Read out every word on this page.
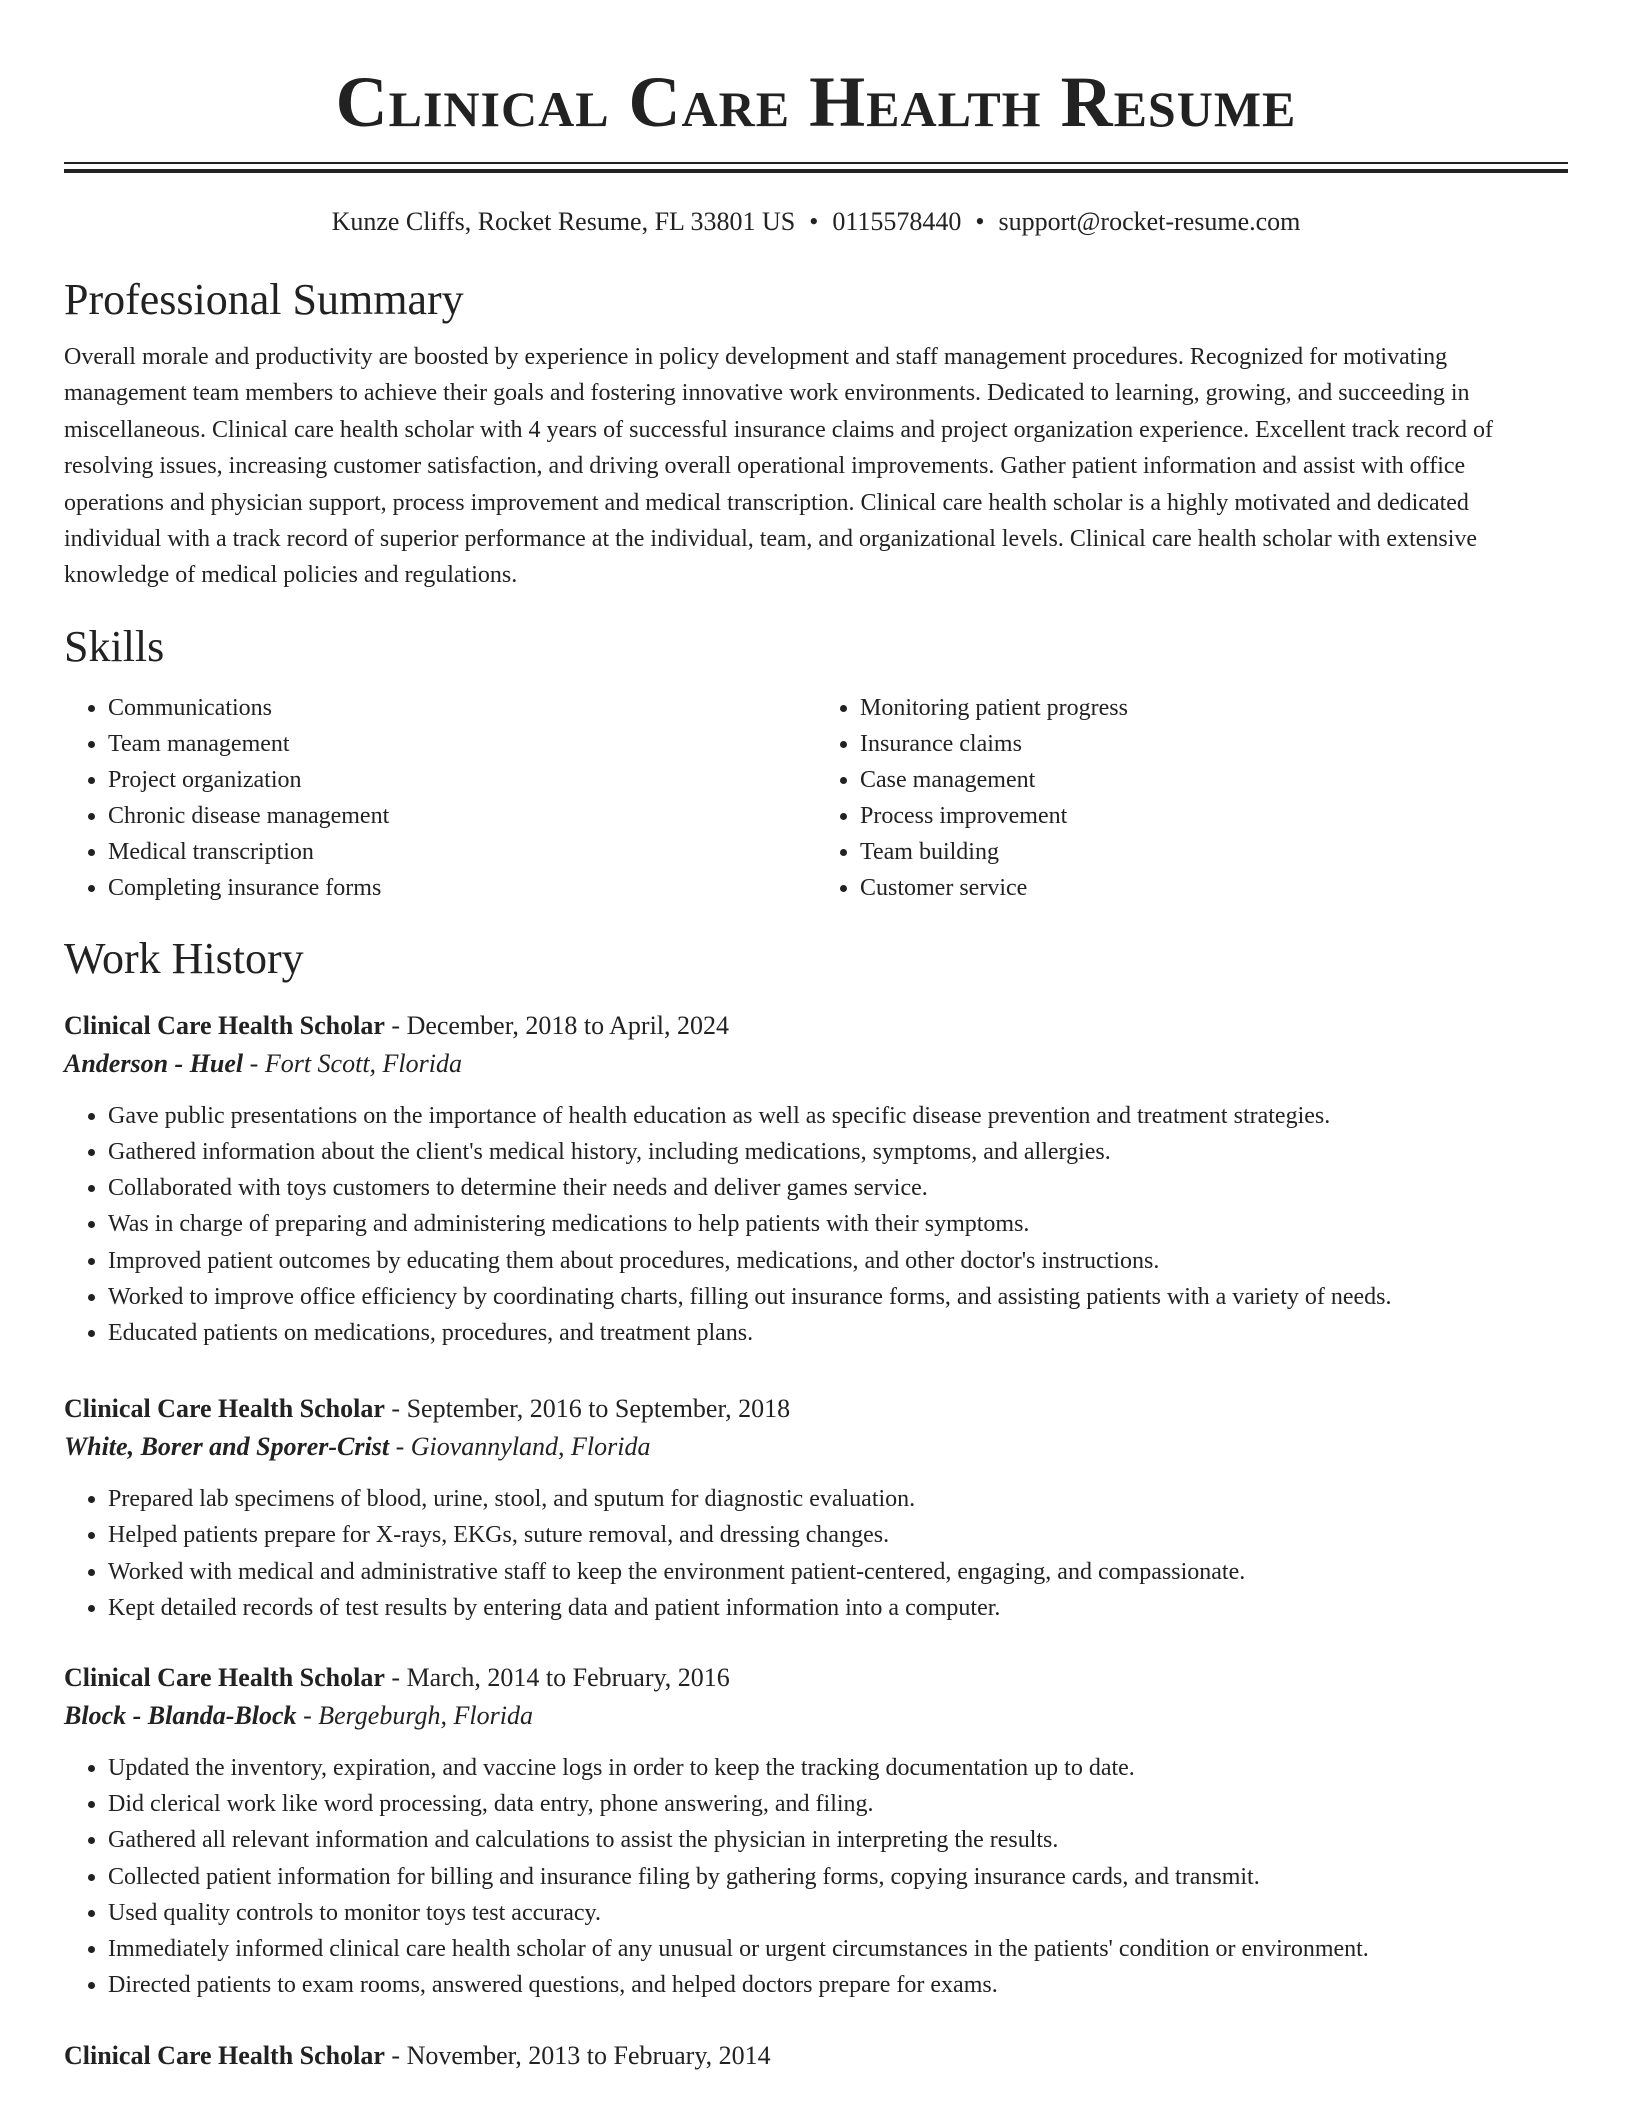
Clinical Care Health Resume
Kunze Cliffs, Rocket Resume, FL 33801 US • 0115578440 • support@rocket-resume.com
Professional Summary

Overall morale and productivity are boosted by experience in policy development and staff management procedures. Recognized for motivating management team members to achieve their goals and fostering innovative work environments. Dedicated to learning, growing, and succeeding in miscellaneous. Clinical care health scholar with 4 years of successful insurance claims and project organization experience. Excellent track record of resolving issues, increasing customer satisfaction, and driving overall operational improvements. Gather patient information and assist with office operations and physician support, process improvement and medical transcription. Clinical care health scholar is a highly motivated and dedicated individual with a track record of superior performance at the individual, team, and organizational levels. Clinical care health scholar with extensive knowledge of medical policies and regulations.

Skills
• Communications
• Team management
• Project organization
• Chronic disease management
• Medical transcription
• Completing insurance forms
• Monitoring patient progress
• Insurance claims
• Case management
• Process improvement
• Team building
• Customer service
Work History
Clinical Care Health Scholar - December, 2018 to April, 2024
Anderson - Huel - Fort Scott, Florida
• Gave public presentations on the importance of health education as well as specific disease prevention and treatment strategies.
• Gathered information about the client's medical history, including medications, symptoms, and allergies.
• Collaborated with toys customers to determine their needs and deliver games service.
• Was in charge of preparing and administering medications to help patients with their symptoms.
• Improved patient outcomes by educating them about procedures, medications, and other doctor's instructions.
• Worked to improve office efficiency by coordinating charts, filling out insurance forms, and assisting patients with a variety of needs.
• Educated patients on medications, procedures, and treatment plans.
Clinical Care Health Scholar - September, 2016 to September, 2018
White, Borer and Sporer-Crist - Giovannyland, Florida
• Prepared lab specimens of blood, urine, stool, and sputum for diagnostic evaluation.
• Helped patients prepare for X-rays, EKGs, suture removal, and dressing changes.
• Worked with medical and administrative staff to keep the environment patient-centered, engaging, and compassionate.
• Kept detailed records of test results by entering data and patient information into a computer.
Clinical Care Health Scholar - March, 2014 to February, 2016
Block - Blanda-Block - Bergeburgh, Florida
• Updated the inventory, expiration, and vaccine logs in order to keep the tracking documentation up to date.
• Did clerical work like word processing, data entry, phone answering, and filing.
• Gathered all relevant information and calculations to assist the physician in interpreting the results.
• Collected patient information for billing and insurance filing by gathering forms, copying insurance cards, and transmit.
• Used quality controls to monitor toys test accuracy.
• Immediately informed clinical care health scholar of any unusual or urgent circumstances in the patients' condition or environment.
• Directed patients to exam rooms, answered questions, and helped doctors prepare for exams.
Clinical Care Health Scholar - November, 2013 to February, 2014
